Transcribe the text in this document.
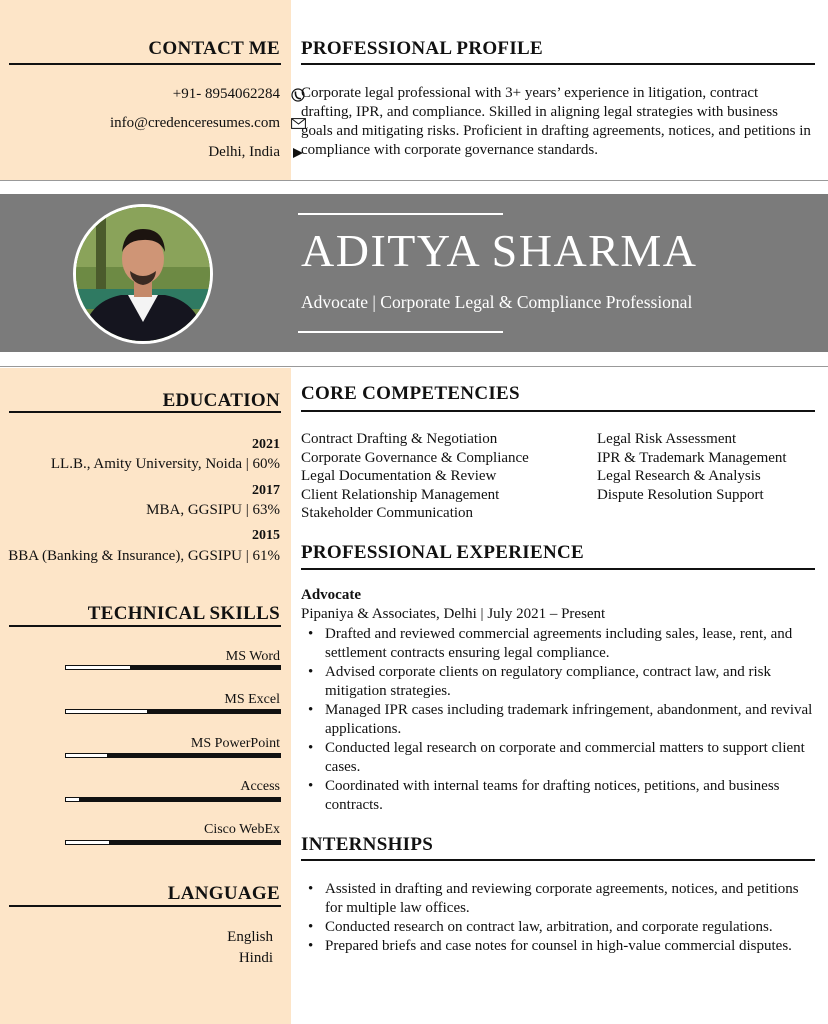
CONTACT ME
+91- 8954062284
info@credenceresumes.com
Delhi, India
PROFESSIONAL PROFILE
Corporate legal professional with 3+ years’ experience in litigation, contract drafting, IPR, and compliance. Skilled in aligning legal strategies with business goals and mitigating risks. Proficient in drafting agreements, notices, and petitions in compliance with corporate governance standards.
ADITYA SHARMA
Advocate | Corporate Legal & Compliance Professional
EDUCATION
2021
LL.B., Amity University, Noida | 60%
2017
MBA, GGSIPU | 63%
2015
BBA (Banking & Insurance), GGSIPU | 61%
TECHNICAL SKILLS
MS Word
MS Excel
MS PowerPoint
Access
Cisco WebEx
LANGUAGE
English
Hindi
CORE COMPETENCIES
Contract Drafting & Negotiation
Corporate Governance & Compliance
Legal Documentation & Review
Client Relationship Management
Stakeholder Communication
Legal Risk Assessment
IPR & Trademark Management
Legal Research & Analysis
Dispute Resolution Support
PROFESSIONAL EXPERIENCE
Advocate
Pipaniya & Associates, Delhi | July 2021 – Present
• Drafted and reviewed commercial agreements including sales, lease, rent, and settlement contracts ensuring legal compliance.
• Advised corporate clients on regulatory compliance, contract law, and risk mitigation strategies.
• Managed IPR cases including trademark infringement, abandonment, and revival applications.
• Conducted legal research on corporate and commercial matters to support client cases.
• Coordinated with internal teams for drafting notices, petitions, and business contracts.
INTERNSHIPS
• Assisted in drafting and reviewing corporate agreements, notices, and petitions for multiple law offices.
• Conducted research on contract law, arbitration, and corporate regulations.
• Prepared briefs and case notes for counsel in high-value commercial disputes.
